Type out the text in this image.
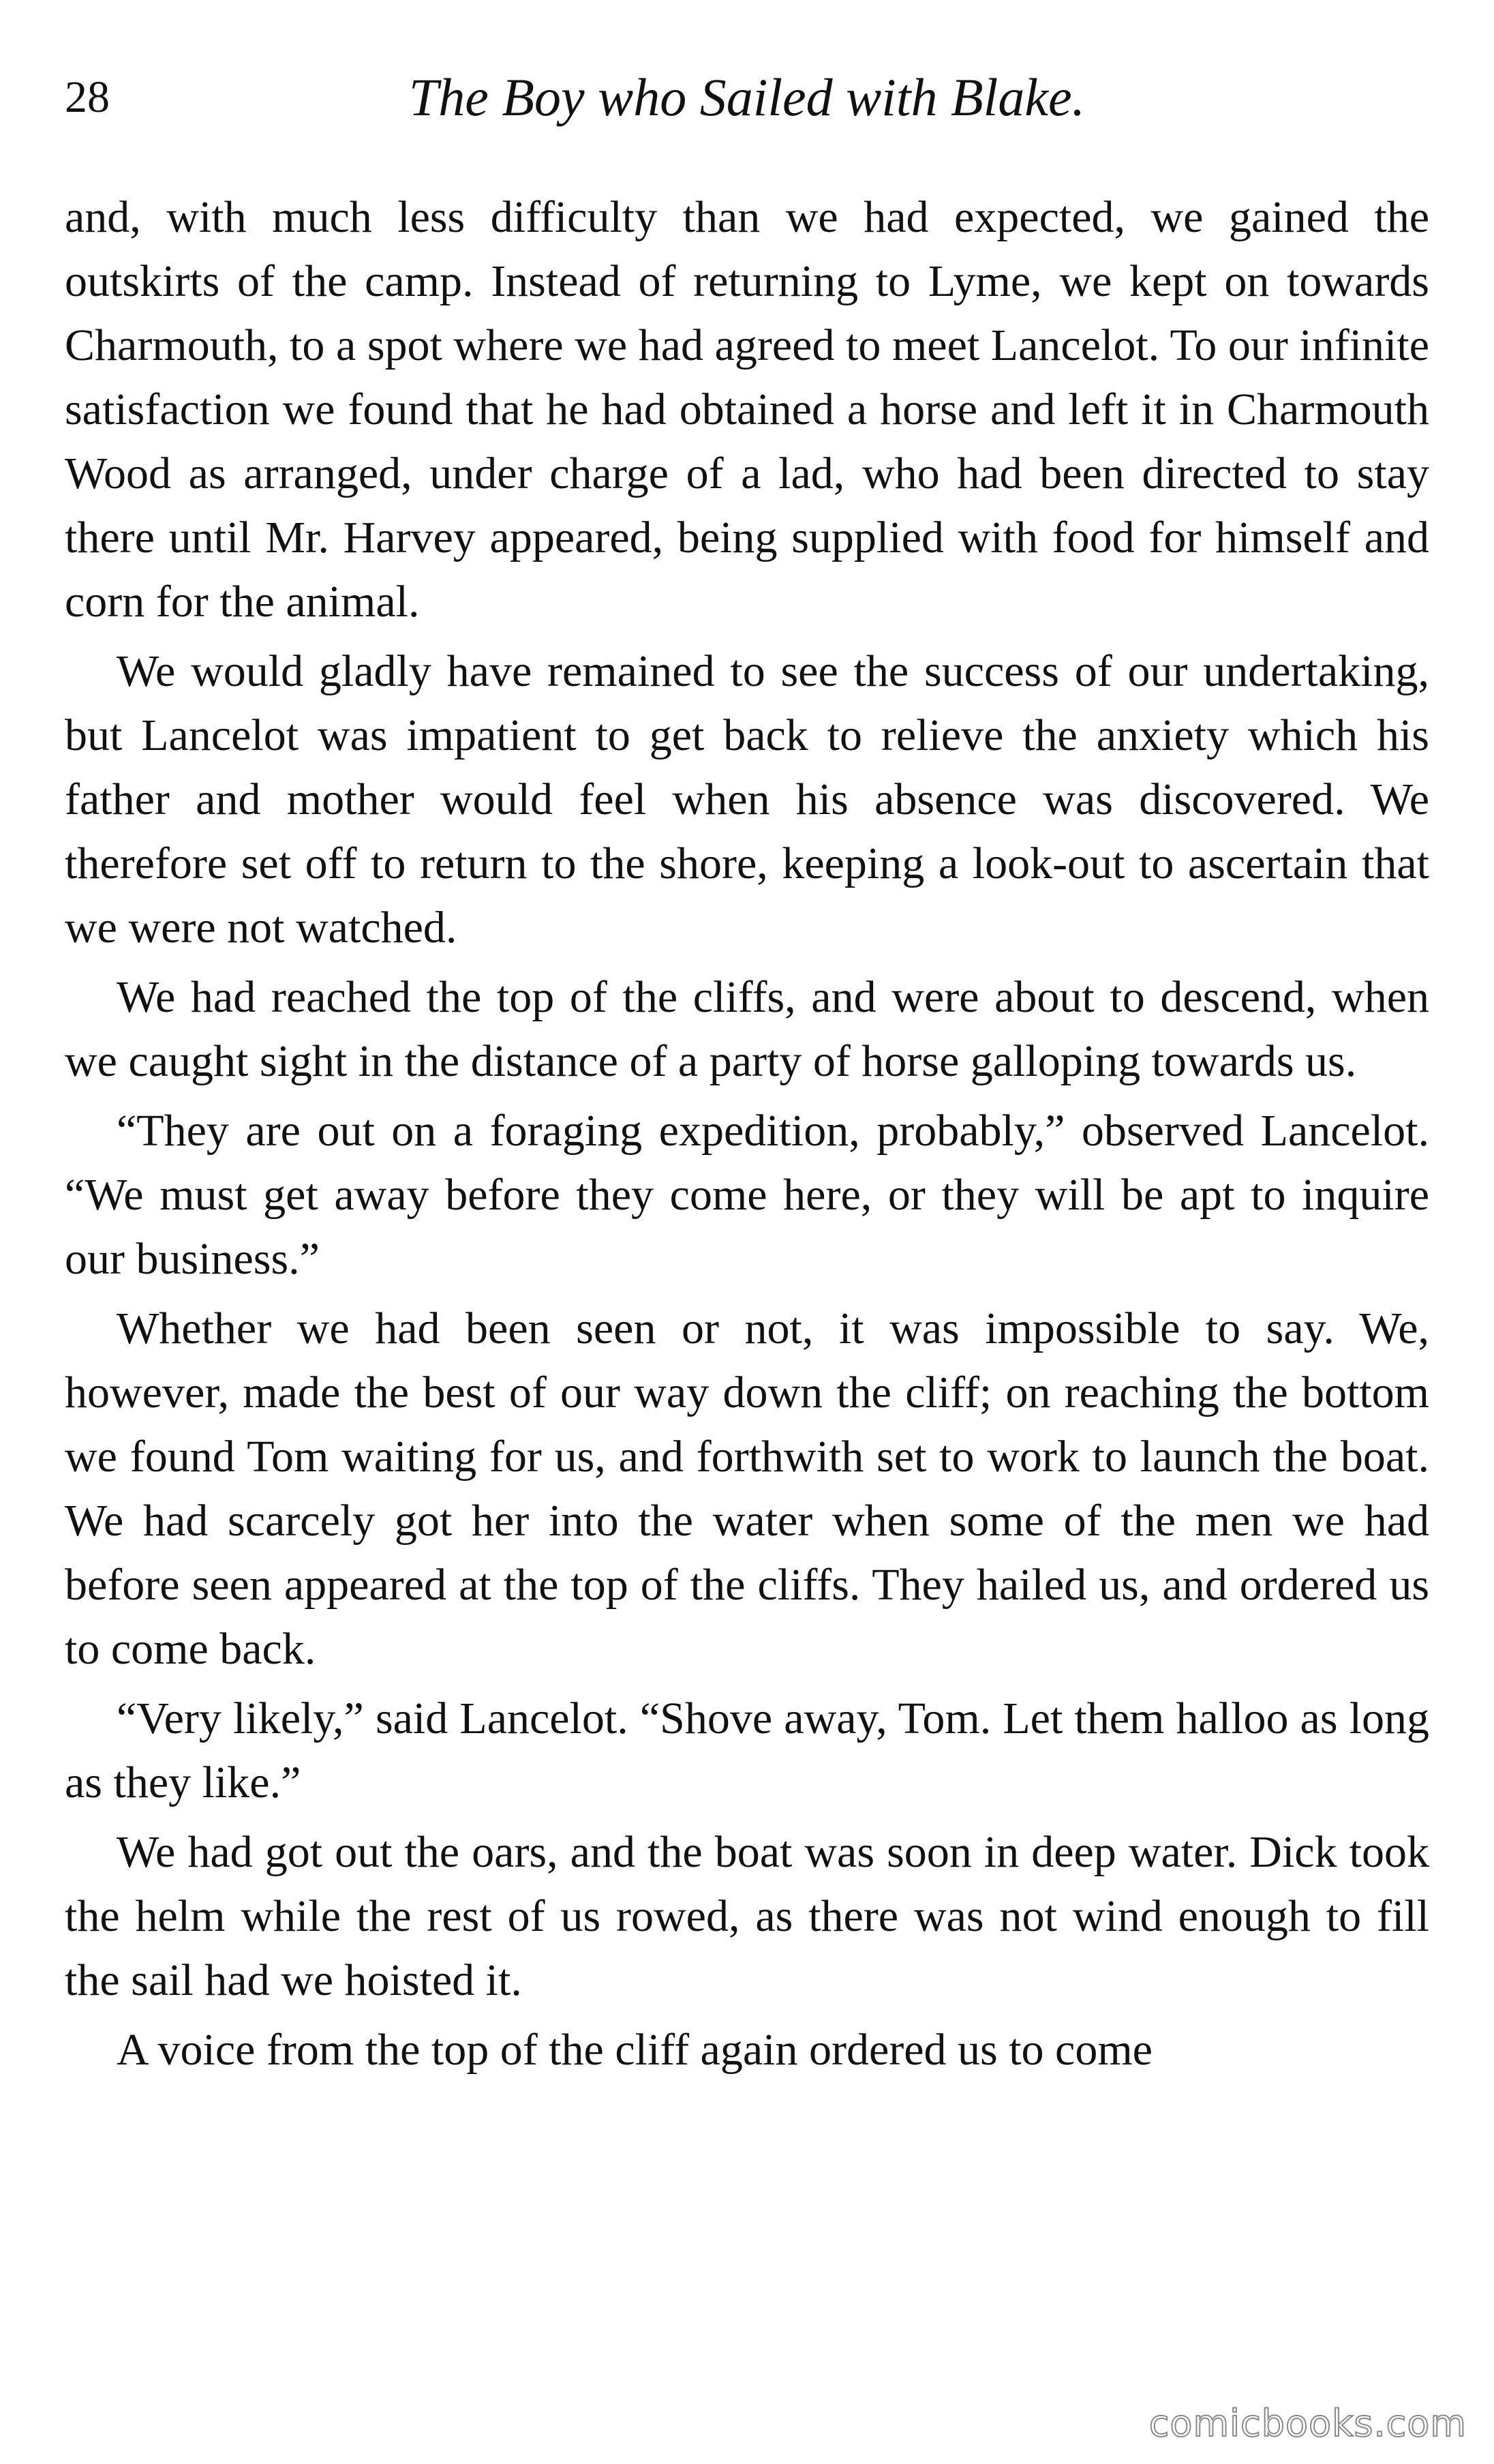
28	The Boy who Sailed with Blake.

and, with much less difficulty than we had expected, we gained the outskirts of the camp. Instead of returning to Lyme, we kept on towards Charmouth, to a spot where we had agreed to meet Lancelot. To our infinite satisfaction we found that he had obtained a horse and left it in Charmouth Wood as arranged, under charge of a lad, who had been directed to stay there until Mr. Harvey appeared, being supplied with food for himself and corn for the animal.

We would gladly have remained to see the success of our undertaking, but Lancelot was impatient to get back to relieve the anxiety which his father and mother would feel when his absence was discovered. We therefore set off to return to the shore, keeping a look-out to ascertain that we were not watched.

We had reached the top of the cliffs, and were about to descend, when we caught sight in the distance of a party of horse galloping towards us.

“They are out on a foraging expedition, probably,” observed Lancelot. “We must get away before they come here, or they will be apt to inquire our business.”

Whether we had been seen or not, it was impossible to say. We, however, made the best of our way down the cliff; on reaching the bottom we found Tom waiting for us, and forthwith set to work to launch the boat. We had scarcely got her into the water when some of the men we had before seen appeared at the top of the cliffs. They hailed us, and ordered us to come back.

“Very likely,” said Lancelot. “Shove away, Tom. Let them halloo as long as they like.”

We had got out the oars, and the boat was soon in deep water. Dick took the helm while the rest of us rowed, as there was not wind enough to fill the sail had we hoisted it.

A voice from the top of the cliff again ordered us to come

comicbooks.com
